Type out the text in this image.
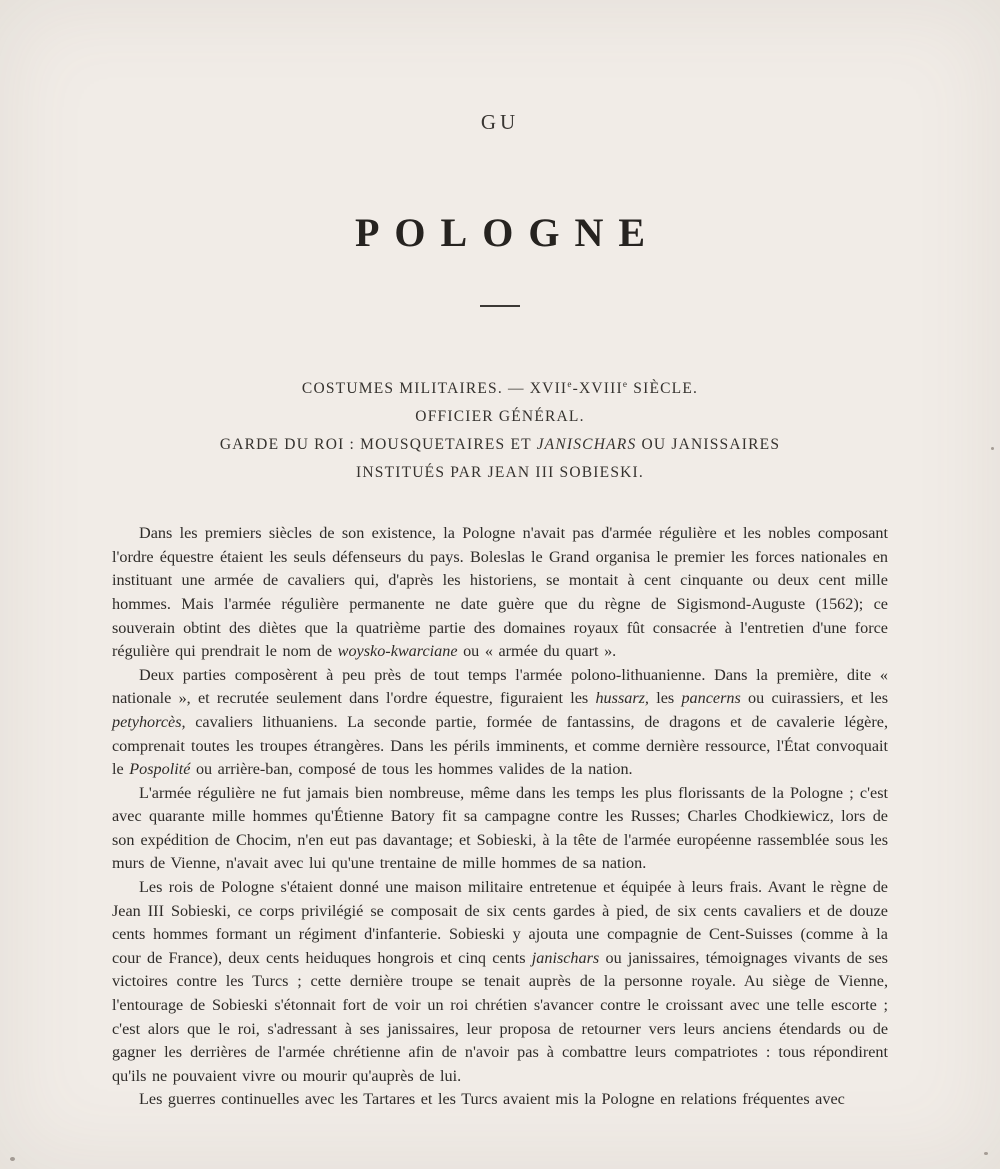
GU
POLOGNE
COSTUMES MILITAIRES. — XVIIe-XVIIIe SIÈCLE.
OFFICIER GÉNÉRAL.
GARDE DU ROI : MOUSQUETAIRES ET JANISCHARS OU JANISSAIRES
INSTITUÉS PAR JEAN III SOBIESKI.

Dans les premiers siècles de son existence, la Pologne n'avait pas d'armée régulière et les nobles composant l'ordre équestre étaient les seuls défenseurs du pays. Boleslas le Grand organisa le premier les forces nationales en instituant une armée de cavaliers qui, d'après les historiens, se montait à cent cinquante ou deux cent mille hommes. Mais l'armée régulière permanente ne date guère que du règne de Sigismond-Auguste (1562); ce souverain obtint des diètes que la quatrième partie des domaines royaux fût consacrée à l'entretien d'une force régulière qui prendrait le nom de woysko-kwarciane ou « armée du quart ».

Deux parties composèrent à peu près de tout temps l'armée polono-lithuanienne. Dans la première, dite « nationale », et recrutée seulement dans l'ordre équestre, figuraient les hussarz, les pancerns ou cuirassiers, et les petyhorcès, cavaliers lithuaniens. La seconde partie, formée de fantassins, de dragons et de cavalerie légère, comprenait toutes les troupes étrangères. Dans les périls imminents, et comme dernière ressource, l'État convoquait le Pospolité ou arrière-ban, composé de tous les hommes valides de la nation.

L'armée régulière ne fut jamais bien nombreuse, même dans les temps les plus florissants de la Pologne ; c'est avec quarante mille hommes qu'Étienne Batory fit sa campagne contre les Russes; Charles Chodkiewicz, lors de son expédition de Chocim, n'en eut pas davantage; et Sobieski, à la tête de l'armée européenne rassemblée sous les murs de Vienne, n'avait avec lui qu'une trentaine de mille hommes de sa nation.

Les rois de Pologne s'étaient donné une maison militaire entretenue et équipée à leurs frais. Avant le règne de Jean III Sobieski, ce corps privilégié se composait de six cents gardes à pied, de six cents cavaliers et de douze cents hommes formant un régiment d'infanterie. Sobieski y ajouta une compagnie de Cent-Suisses (comme à la cour de France), deux cents heiduques hongrois et cinq cents janischars ou janissaires, témoignages vivants de ses victoires contre les Turcs ; cette dernière troupe se tenait auprès de la personne royale. Au siège de Vienne, l'entourage de Sobieski s'étonnait fort de voir un roi chrétien s'avancer contre le croissant avec une telle escorte ; c'est alors que le roi, s'adressant à ses janissaires, leur proposa de retourner vers leurs anciens étendards ou de gagner les derrières de l'armée chrétienne afin de n'avoir pas à combattre leurs compatriotes : tous répondirent qu'ils ne pouvaient vivre ou mourir qu'auprès de lui.

Les guerres continuelles avec les Tartares et les Turcs avaient mis la Pologne en relations fréquentes avec
